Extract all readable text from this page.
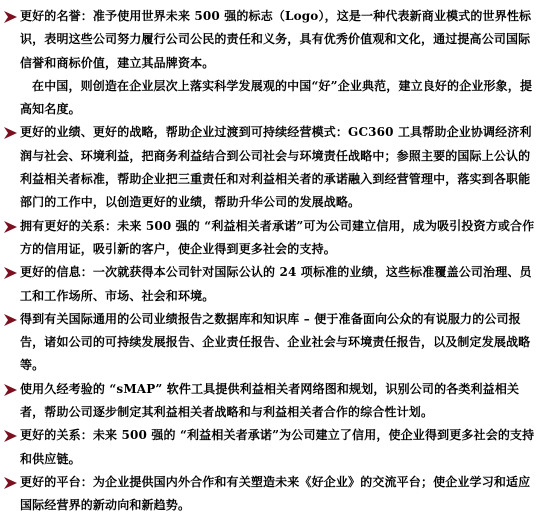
更好的名誉：准予使用世界未来 500 强的标志（Logo），这是一种代表新商业模式的世界性标识，表明这些公司努力履行公司公民的责任和义务，具有优秀价值观和文化，通过提高公司国际信誉和商标价值，建立其品牌资本。

在中国，则创造在企业层次上落实科学发展观的中国“好”企业典范，建立良好的企业形象，提高知名度。

更好的业绩、更好的战略，帮助企业过渡到可持续经营模式：GC360 工具帮助企业协调经济利润与社会、环境利益，把商务利益结合到公司社会与环境责任战略中；参照主要的国际上公认的利益相关者标准，帮助企业把三重责任和对利益相关者的承诺融入到经营管理中，落实到各职能部门的工作中，以创造更好的业绩，帮助升华公司的发展战略。

拥有更好的关系：未来 500 强的 “利益相关者承诺”可为公司建立信用，成为吸引投资方或合作方的信用证，吸引新的客户，使企业得到更多社会的支持。

更好的信息：一次就获得本公司针对国际公认的 24 项标准的业绩，这些标准覆盖公司治理、员工和工作场所、市场、社会和环境。

得到有关国际通用的公司业绩报告之数据库和知识库 – 便于准备面向公众的有说服力的公司报告，诸如公司的可持续发展报告、企业责任报告、企业社会与环境责任报告，以及制定发展战略等。

使用久经考验的 “sMAP” 软件工具提供利益相关者网络图和规划，识别公司的各类利益相关者，帮助公司逐步制定其利益相关者战略和与利益相关者合作的综合性计划。

更好的关系：未来 500 强的 “利益相关者承诺”为公司建立了信用，使企业得到更多社会的支持和供应链。

更好的平台：为企业提供国内外合作和有关塑造未来《好企业》的交流平台；使企业学习和适应国际经营界的新动向和新趋势。
